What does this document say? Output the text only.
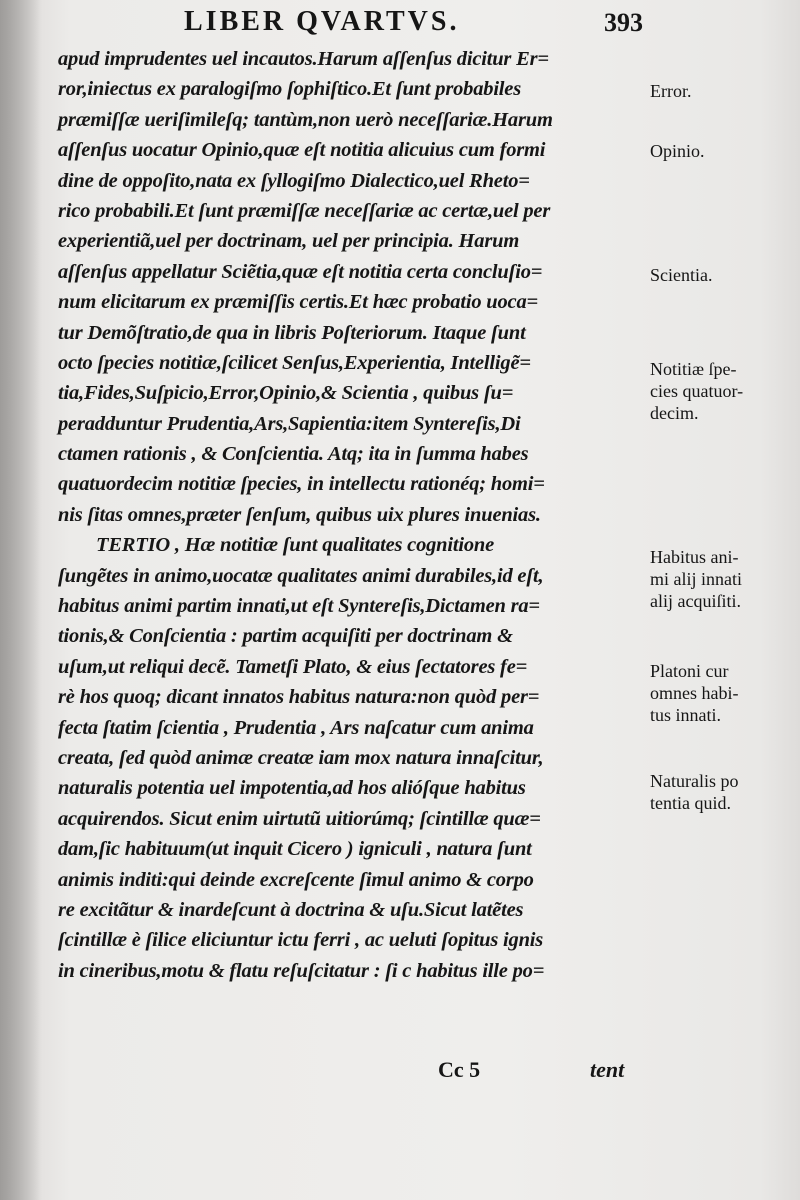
LIBER QVARTVS.	393
apud imprudentes uel incautos.Harum aſſenſus dicitur Er=
ror,iniectus ex paralogiſmo ſophiſtico.Et ſunt probabiles
præmiſſæ ueriſimileſq; tantùm,non uerò neceſſariæ.Harum
aſſenſus uocatur Opinio,quæ eſt notitia alicuius cum formi
dine de oppoſito,nata ex ſyllogiſmo Dialectico,uel Rheto=
rico probabili.Et ſunt præmiſſæ neceſſariæ ac certæ,uel per
experientiã,uel per doctrinam, uel per principia. Harum
aſſenſus appellatur Sciẽtia,quæ eſt notitia certa concluſio=
num elicitarum ex præmiſſis certis.Et hæc probatio uoca=
tur Demõſtratio,de qua in libris Poſteriorum. Itaque ſunt
octo ſpecies notitiæ,ſcilicet Senſus,Experientia, Intelligẽ=
tia,Fides,Suſpicio,Error,Opinio,& Scientia , quibus ſu=
peradduntur Prudentia,Ars,Sapientia:item Syntereſis,Di
ctamen rationis , & Conſcientia. Atq; ita in ſumma habes
quatuordecim notitiæ ſpecies, in intellectu rationéq; homi=
nis ſitas omnes,præter ſenſum, quibus uix plures inuenias.
TERTIO , Hæ notitiæ ſunt qualitates cognitione
ſungẽtes in animo,uocatæ qualitates animi durabiles,id eſt,
habitus animi partim innati,ut eſt Syntereſis,Dictamen ra=
tionis,& Conſcientia : partim acquiſiti per doctrinam &
uſum,ut reliqui decẽ. Tametſi Plato, & eius ſectatores fe=
rè hos quoq; dicant innatos habitus natura:non quòd per=
fecta ſtatim ſcientia , Prudentia , Ars naſcatur cum anima
creata, ſed quòd animæ creatæ iam mox natura innaſcitur,
naturalis potentia uel impotentia,ad hos alióſque habitus
acquirendos. Sicut enim uirtutũ uitiorúmq; ſcintillæ quæ=
dam,ſic habituum(ut inquit Cicero ) igniculi , natura ſunt
animis inditi:qui deinde excreſcente ſimul animo & corpo
re excitãtur & inardeſcunt à doctrina & uſu.Sicut latẽtes
ſcintillæ è ſilice eliciuntur ictu ferri , ac ueluti ſopitus ignis
in cineribus,motu & flatu reſuſcitatur : ſi c habitus ille po=
Cc 5	tent
Error.
Opinio.
Scientia.
Notitiæ ſpe-
cies quatuor-
decim.
Habitus ani-
mi alij innati
alij acquiſiti.
Platoni cur
omnes habi-
tus innati.
Naturalis po
tentia quid.
